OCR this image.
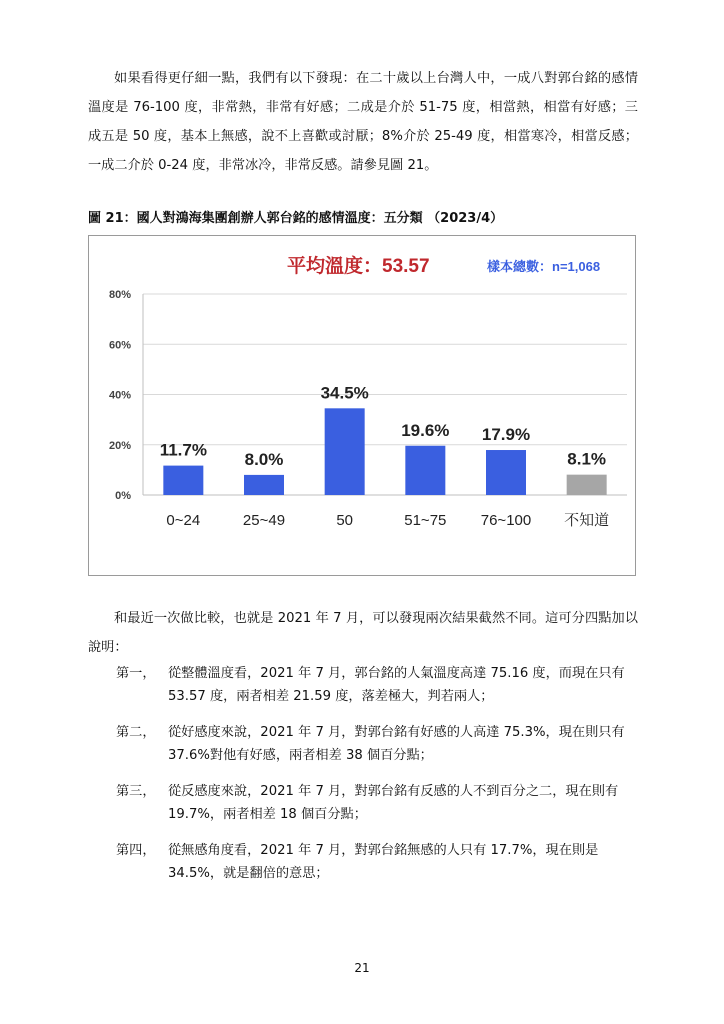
如果看得更仔細一點，我們有以下發現：在二十歲以上台灣人中，一成八對郭台銘的感情溫度是 76-100 度，非常熱，非常有好感；二成是介於 51-75 度，相當熱，相當有好感；三成五是 50 度，基本上無感，說不上喜歡或討厭；8%介於 25-49 度，相當寒冷，相當反感；一成二介於 0-24 度，非常冰冷，非常反感。請參見圖 21。

圖 21：國人對鴻海集團創辦人郭台銘的感情溫度：五分類 （2023/4）
0%
20%
40%
60%
80%
11.7%
0~24
8.0%
25~49
34.5%
50
19.6%
51~75
17.9%
76~100
8.1%
不知道
平均溫度：53.57	樣本總數：n=1,068

和最近一次做比較，也就是 2021 年 7 月，可以發現兩次結果截然不同。這可分四點加以說明：

第一， 從整體溫度看，2021 年 7 月，郭台銘的人氣溫度高達 75.16 度，而現在只有 53.57 度，兩者相差 21.59 度，落差極大，判若兩人；
第二， 從好感度來說，2021 年 7 月，對郭台銘有好感的人高達 75.3%，現在則只有 37.6%對他有好感，兩者相差 38 個百分點；
第三， 從反感度來說，2021 年 7 月，對郭台銘有反感的人不到百分之二，現在則有 19.7%，兩者相差 18 個百分點；
第四， 從無感角度看，2021 年 7 月，對郭台銘無感的人只有 17.7%，現在則是 34.5%，就是翻倍的意思；
21
